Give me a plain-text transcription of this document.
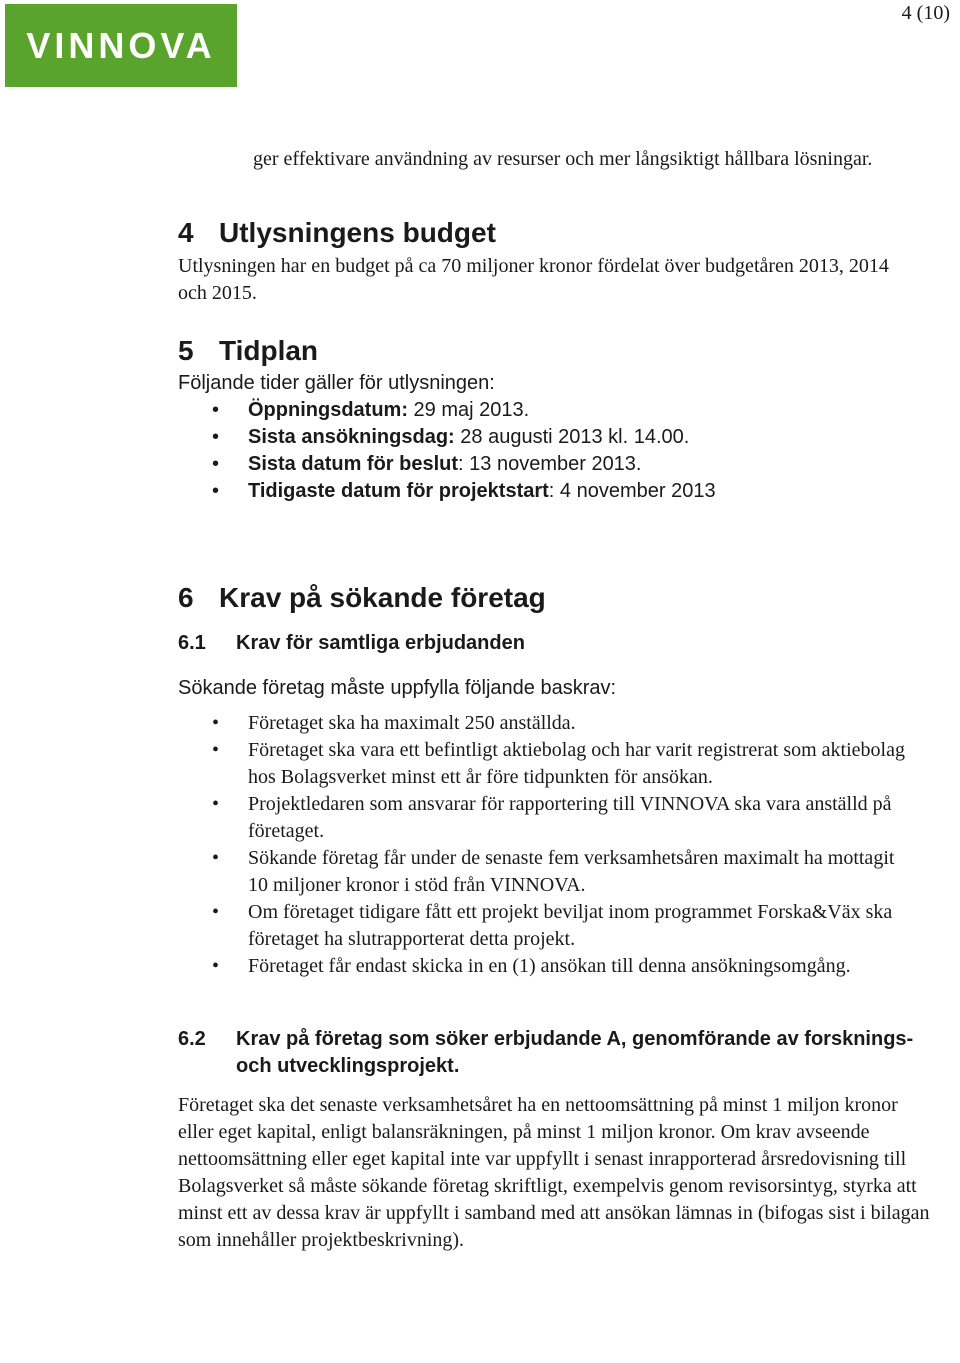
VINNOVA
4 (10)

ger effektivare användning av resurser och mer långsiktigt hållbara lösningar.

4 Utlysningens budget

Utlysningen har en budget på ca 70 miljoner kronor fördelat över budgetåren 2013, 2014 och 2015.

5 Tidplan

Följande tider gäller för utlysningen:

• Öppningsdatum: 29 maj 2013.
• Sista ansökningsdag: 28 augusti 2013 kl. 14.00.
• Sista datum för beslut: 13 november 2013.
• Tidigaste datum för projektstart: 4 november 2013
6 Krav på sökande företag
6.1 Krav för samtliga erbjudanden

Sökande företag måste uppfylla följande baskrav:

• Företaget ska ha maximalt 250 anställda.
• Företaget ska vara ett befintligt aktiebolag och har varit registrerat som aktiebolag hos Bolagsverket minst ett år före tidpunkten för ansökan.
• Projektledaren som ansvarar för rapportering till VINNOVA ska vara anställd på företaget.
• Sökande företag får under de senaste fem verksamhetsåren maximalt ha mottagit 10 miljoner kronor i stöd från VINNOVA.
• Om företaget tidigare fått ett projekt beviljat inom programmet Forska&Väx ska företaget ha slutrapporterat detta projekt.
• Företaget får endast skicka in en (1) ansökan till denna ansökningsomgång.
6.2	Krav på företag som söker erbjudande A, genomförande av forsknings- och utvecklingsprojekt.

Företaget ska det senaste verksamhetsåret ha en nettoomsättning på minst 1 miljon kronor eller eget kapital, enligt balansräkningen, på minst 1 miljon kronor. Om krav avseende nettoomsättning eller eget kapital inte var uppfyllt i senast inrapporterad årsredovisning till Bolagsverket så måste sökande företag skriftligt, exempelvis genom revisorsintyg, styrka att minst ett av dessa krav är uppfyllt i samband med att ansökan lämnas in (bifogas sist i bilagan som innehåller projektbeskrivning).
